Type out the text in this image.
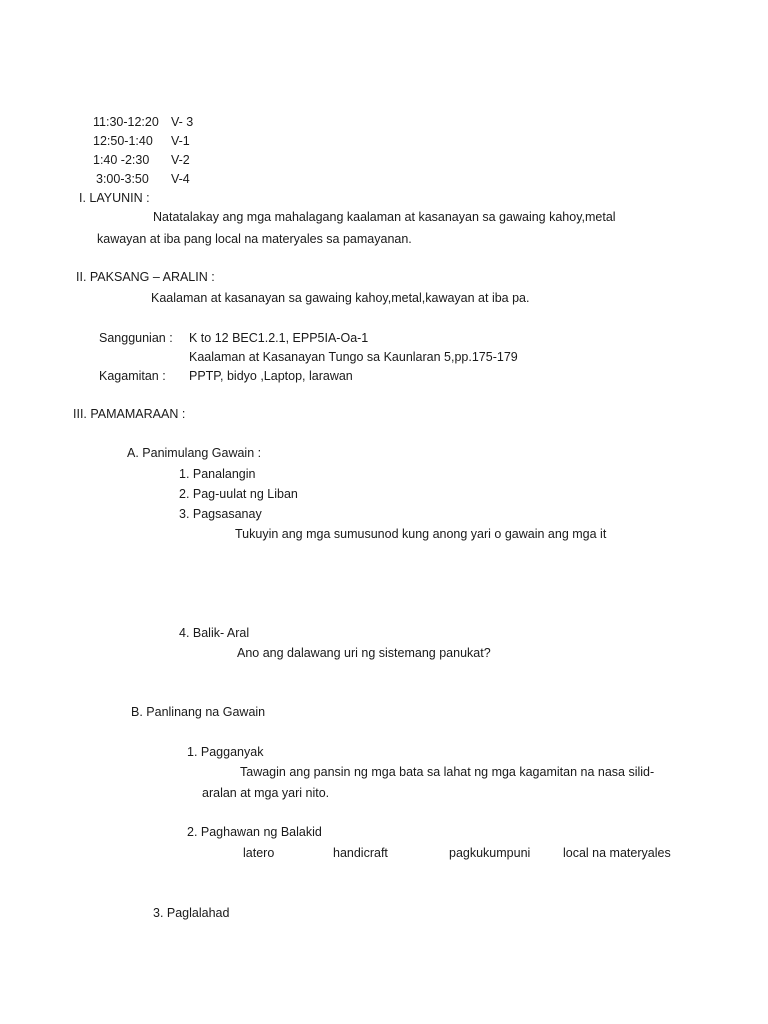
11:30-12:20 V- 3
12:50-1:40 V-1
1:40 -2:30 V-2
3:00-3:50 V-4
I. LAYUNIN :
Natatalakay ang mga mahalagang kaalaman at kasanayan sa gawaing kahoy,metal
kawayan at iba pang local na materyales sa pamayanan.
II. PAKSANG – ARALIN :
Kaalaman at kasanayan sa gawaing kahoy,metal,kawayan at iba pa.
Sanggunian : K to 12 BEC1.2.1, EPP5IA-Oa-1
Kaalaman at Kasanayan Tungo sa Kaunlaran 5,pp.175-179
Kagamitan : PPTP, bidyo ,Laptop, larawan
III. PAMAMARAAN :
A. Panimulang Gawain :
1. Panalangin
2. Pag-uulat ng Liban
3. Pagsasanay
Tukuyin ang mga sumusunod kung anong yari o gawain ang mga it
4. Balik- Aral
Ano ang dalawang uri ng sistemang panukat?
B. Panlinang na Gawain
1. Pagganyak
Tawagin ang pansin ng mga bata sa lahat ng mga kagamitan na nasa silid-
aralan at mga yari nito.
2. Paghawan ng Balakid
latero	handicraft	pagkukumpuni	local na materyales
3. Paglalahad
